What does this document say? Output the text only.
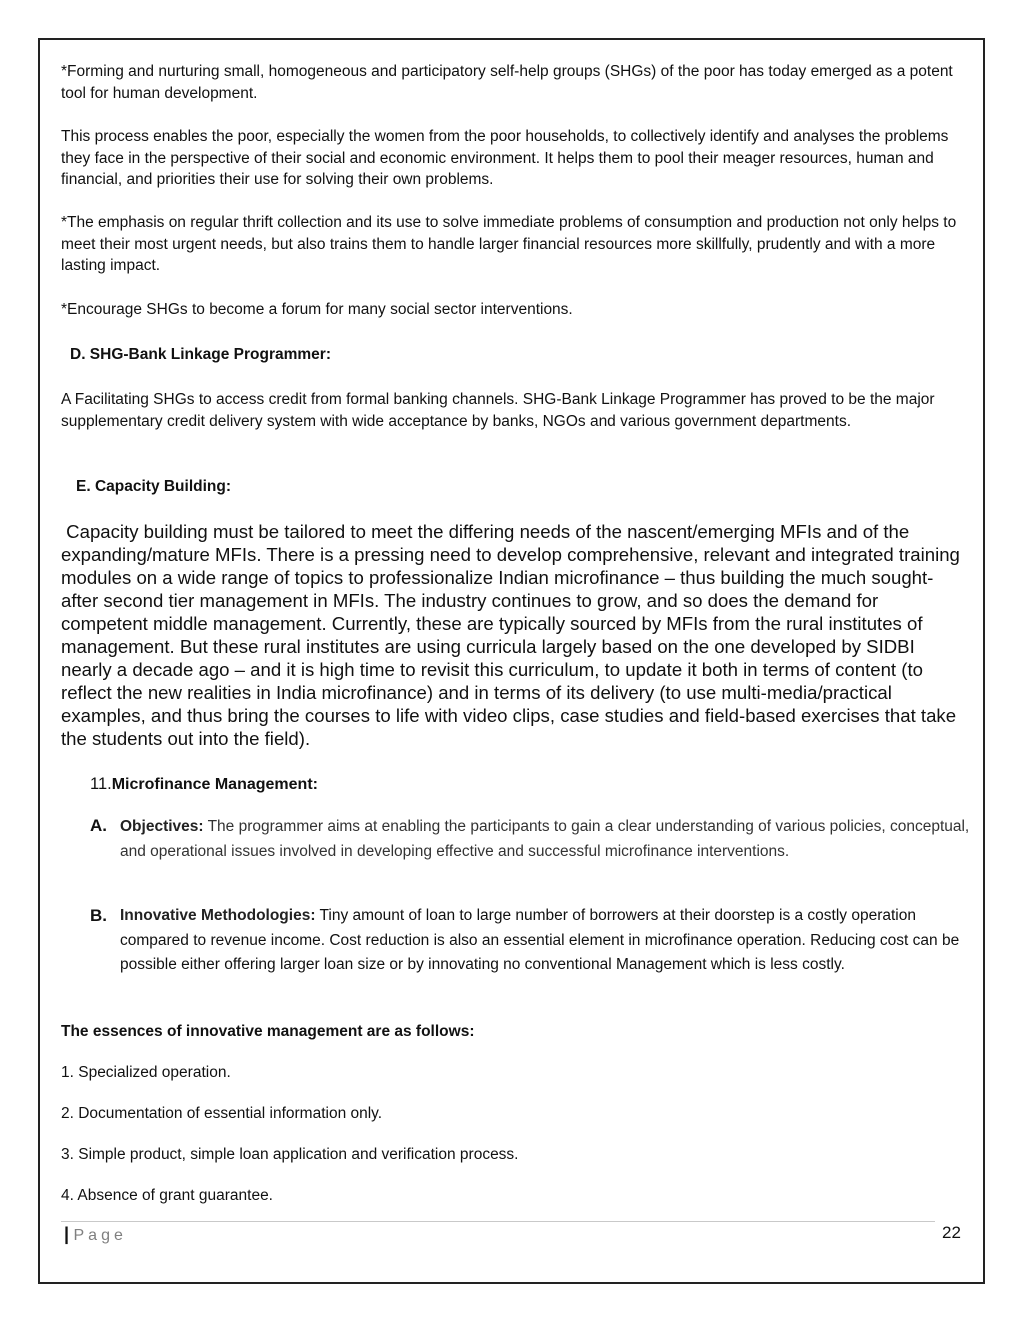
*Forming and nurturing small, homogeneous and participatory self-help groups (SHGs) of the poor has today emerged as a potent tool for human development.

This process enables the poor, especially the women from the poor households, to collectively identify and analyses the problems they face in the perspective of their social and economic environment. It helps them to pool their meager resources, human and financial, and priorities their use for solving their own problems.

*The emphasis on regular thrift collection and its use to solve immediate problems of consumption and production not only helps to meet their most urgent needs, but also trains them to handle larger financial resources more skillfully, prudently and with a more lasting impact.

*Encourage SHGs to become a forum for many social sector interventions.

D. SHG-Bank Linkage Programmer:

A Facilitating SHGs to access credit from formal banking channels. SHG-Bank Linkage Programmer has proved to be the major supplementary credit delivery system with wide acceptance by banks, NGOs and various government departments.

E. Capacity Building:

Capacity building must be tailored to meet the differing needs of the nascent/emerging MFIs and of the expanding/mature MFIs. There is a pressing need to develop comprehensive, relevant and integrated training modules on a wide range of topics to professionalize Indian microfinance – thus building the much sought-after second tier management in MFIs. The industry continues to grow, and so does the demand for competent middle management. Currently, these are typically sourced by MFIs from the rural institutes of management. But these rural institutes are using curricula largely based on the one developed by SIDBI nearly a decade ago – and it is high time to revisit this curriculum, to update it both in terms of content (to reflect the new realities in India microfinance) and in terms of its delivery (to use multi-media/practical examples, and thus bring the courses to life with video clips, case studies and field-based exercises that take the students out into the field).

11.Microfinance Management:
A. Objectives: The programmer aims at enabling the participants to gain a clear understanding of various policies, conceptual, and operational issues involved in developing effective and successful microfinance interventions.

B. Innovative Methodologies: Tiny amount of loan to large number of borrowers at their doorstep is a costly operation compared to revenue income. Cost reduction is also an essential element in microfinance operation. Reducing cost can be possible either offering larger loan size or by innovating no conventional Management which is less costly.

The essences of innovative management are as follows:
1. Specialized operation.
2. Documentation of essential information only.
3. Simple product, simple loan application and verification process.
4. Absence of grant guarantee.
| Page	22
